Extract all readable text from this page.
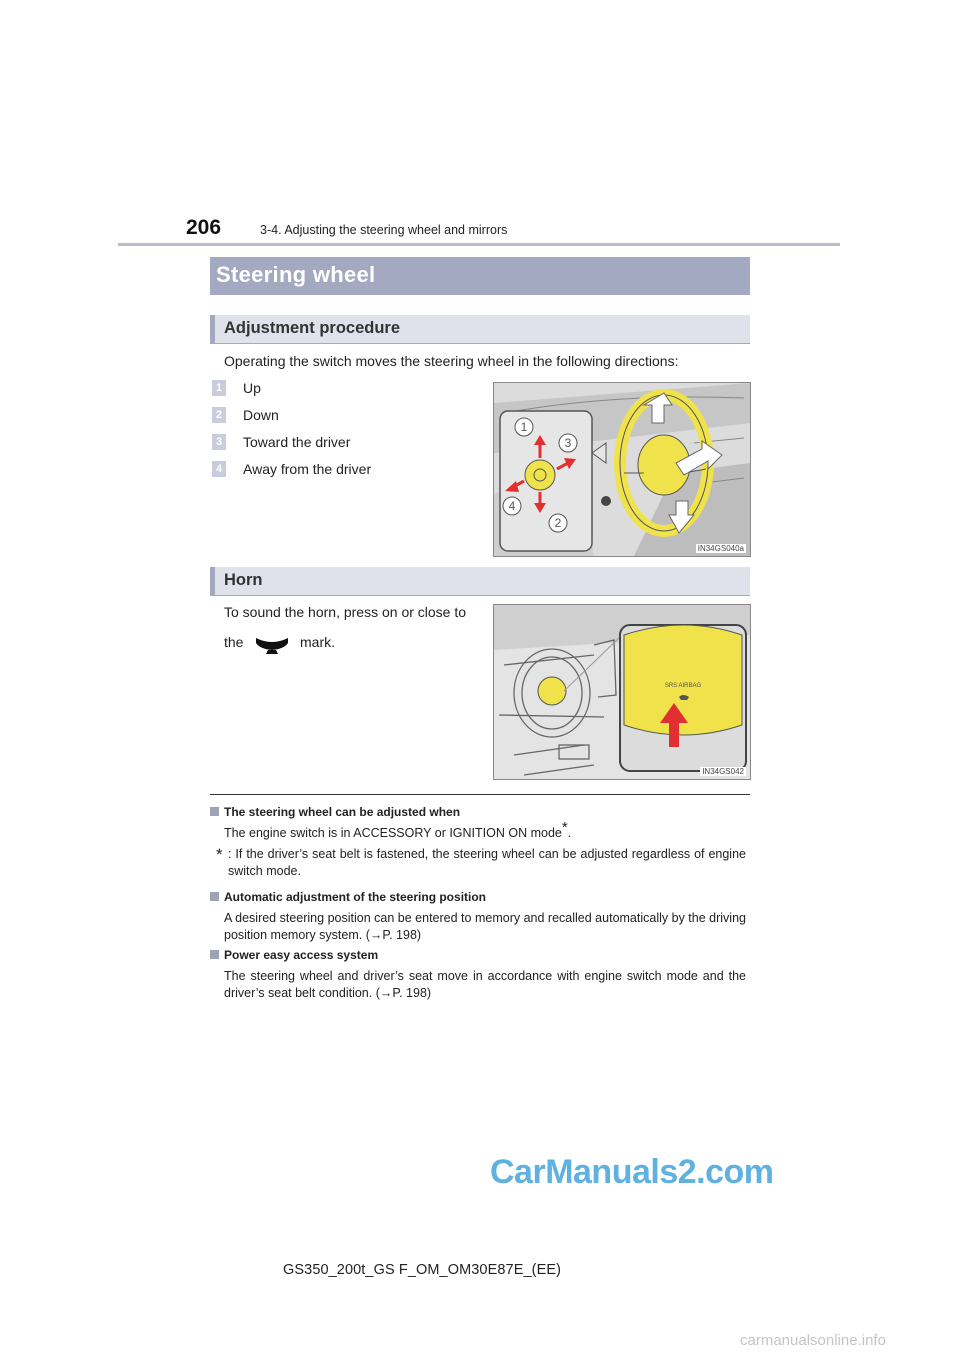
206	3-4. Adjusting the steering wheel and mirrors
Steering wheel
Adjustment procedure
Operating the switch moves the steering wheel in the following directions:
1 Up
2 Down
3 Toward the driver
4 Away from the driver
1
3
4
2
IN34GS040a
Horn
To sound the horn, press on or close to
the	mark.
SRS AIRBAG
IN34GS042
The steering wheel can be adjusted when
The engine switch is in ACCESSORY or IGNITION ON mode*.
* : If the driver’s seat belt is fastened, the steering wheel can be adjusted regardless of engine switch mode.
Automatic adjustment of the steering position
A desired steering position can be entered to memory and recalled automatically by the driving position memory system. (→P. 198)
Power easy access system
The steering wheel and driver’s seat move in accordance with engine switch mode and the driver’s seat belt condition. (→P. 198)
CarManuals2.com
GS350_200t_GS F_OM_OM30E87E_(EE)
carmanualsonline.info
